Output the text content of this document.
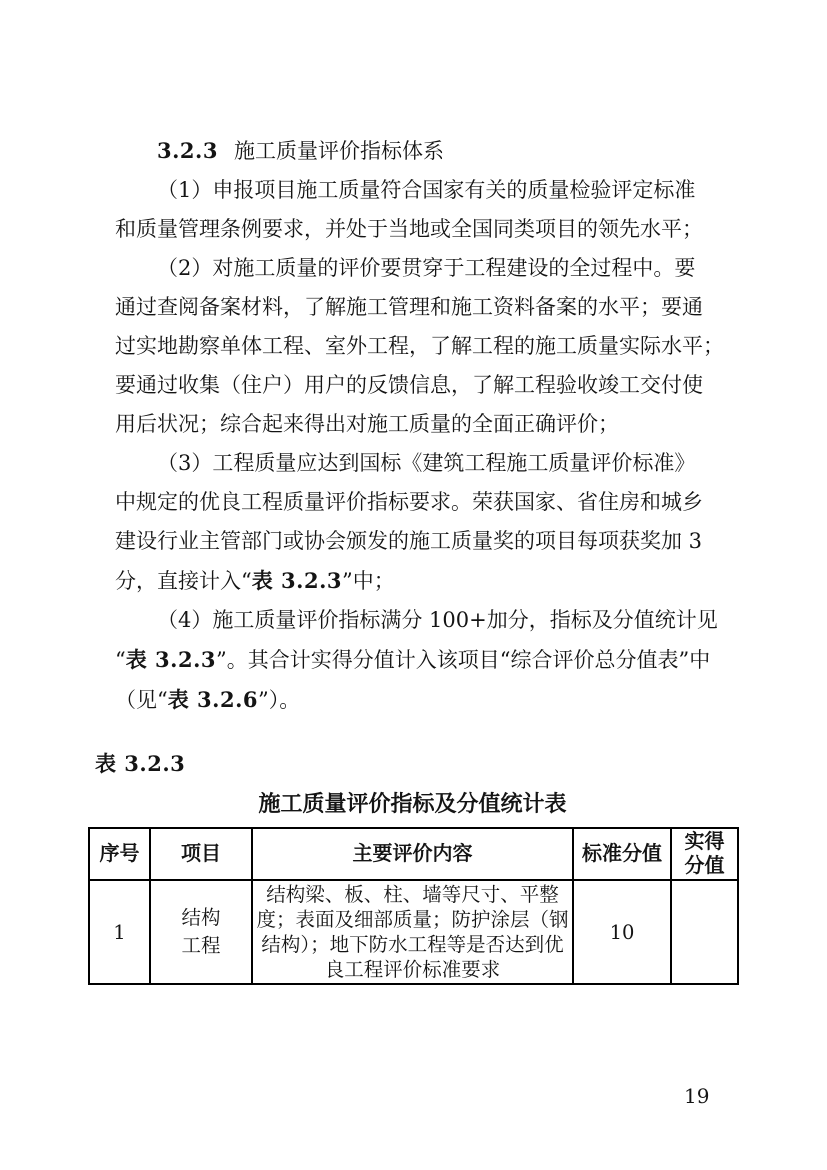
3.2.3 施工质量评价指标体系
（1）申报项目施工质量符合国家有关的质量检验评定标准
和质量管理条例要求，并处于当地或全国同类项目的领先水平；
（2）对施工质量的评价要贯穿于工程建设的全过程中。要
通过查阅备案材料，了解施工管理和施工资料备案的水平；要通
过实地勘察单体工程、室外工程，了解工程的施工质量实际水平；
要通过收集（住户）用户的反馈信息，了解工程验收竣工交付使
用后状况；综合起来得出对施工质量的全面正确评价；
（3）工程质量应达到国标《建筑工程施工质量评价标准》
中规定的优良工程质量评价指标要求。荣获国家、省住房和城乡
建设行业主管部门或协会颁发的施工质量奖的项目每项获奖加 3
分，直接计入“表 3.2.3”中；
（4）施工质量评价指标满分 100+加分，指标及分值统计见
“表 3.2.3”。其合计实得分值计入该项目“综合评价总分值表”中
（见“表 3.2.6”）。
表 3.2.3
施工质量评价指标及分值统计表
序号	项目	主要评价内容	标准分值	实得分值
1	结构工程	结构梁、板、柱、墙等尺寸、平整度；表面及细部质量；防护涂层（钢结构）；地下防水工程等是否达到优良工程评价标准要求	10	
19
